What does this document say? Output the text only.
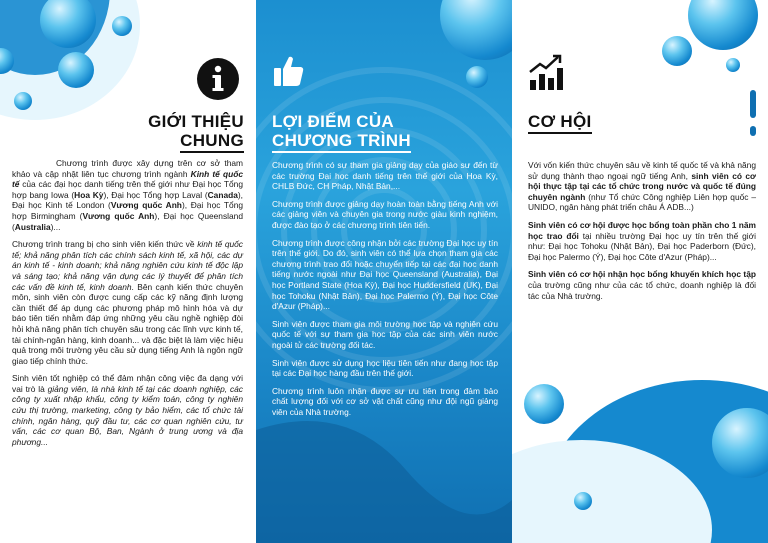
GIỚI THIỆU
CHUNG

Chương trình được xây dựng trên cơ sở tham khảo và cập nhật liên tục chương trình ngành Kinh tế quốc tế của các đại học danh tiếng trên thế giới như Đại học Tổng hợp bang Iowa (Hoa Kỳ), Đại học Tổng hợp Laval (Canada), Đại học Kinh tế London (Vương quốc Anh), Đại học Tổng hợp Birmingham (Vương quốc Anh), Đại học Queensland (Australia)...

Chương trình trang bị cho sinh viên kiến thức về kinh tế quốc tế; khả năng phân tích các chính sách kinh tế, xã hội, các dự án kinh tế - kinh doanh; khả năng nghiên cứu kinh tế độc lập và sáng tạo; khả năng vận dụng các lý thuyết để phân tích các vấn đề kinh tế, kinh doanh. Bên cạnh kiến thức chuyên môn, sinh viên còn được cung cấp các kỹ năng định lượng cần thiết để áp dụng các phương pháp mô hình hóa và dự báo tiên tiến nhằm đáp ứng những yêu cầu nghề nghiệp đòi hỏi khả năng phân tích chuyên sâu trong các lĩnh vực kinh tế, tài chính-ngân hàng, kinh doanh... và đặc biệt là làm việc hiệu quả trong môi trường yêu cầu sử dụng tiếng Anh là ngôn ngữ giao tiếp chính thức.

Sinh viên tốt nghiệp có thể đảm nhận công việc đa dạng với vai trò là giảng viên, là nhà kinh tế tại các doanh nghiệp, các công ty xuất nhập khẩu, công ty kiểm toán, công ty nghiên cứu thị trường, marketing, công ty bảo hiểm, các tổ chức tài chính, ngân hàng, quỹ đầu tư, các cơ quan nghiên cứu, tư vấn, các cơ quan Bộ, Ban, Ngành ở trung ương và địa phương...

LỢI ĐIỂM CỦA
CHƯƠNG TRÌNH

Chương trình có sự tham gia giảng dạy của giáo sư đến từ các trường Đại học danh tiếng trên thế giới của Hoa Kỳ, CHLB Đức, CH Pháp, Nhật Bản,...

Chương trình được giảng dạy hoàn toàn bằng tiếng Anh với các giảng viên và chuyên gia trong nước giàu kinh nghiệm, được đào tạo ở các chương trình tiên tiến.

Chương trình được công nhận bởi các trường Đại học uy tín trên thế giới. Do đó, sinh viên có thể lựa chọn tham gia các chương trình trao đổi hoặc chuyển tiếp tại các đại học danh tiếng nước ngoài như Đại học Queensland (Australia), Đại học Portland State (Hoa Kỳ), Đại học Huddersfield (UK), Đại học Tohoku (Nhật Bản), Đại học Palermo (Ý), Đại học Côte d'Azur (Pháp)...

Sinh viên được tham gia môi trường học tập và nghiên cứu quốc tế với sự tham gia học tập của các sinh viên nước ngoài tử các trường đối tác.

Sinh viên được sử dụng học liệu tiên tiến như đang học tập tại các Đại học hàng đầu trên thế giới.

Chương trình luôn nhận được sự ưu tiên trong đảm bảo chất lượng đối với cơ sở vật chất cũng như đội ngũ giảng viên của Nhà trường.

CƠ HỘI

Với vốn kiến thức chuyên sâu về kinh tế quốc tế và khả năng sử dụng thành thạo ngoại ngữ tiếng Anh, sinh viên có cơ hội thực tập tại các tổ chức trong nước và quốc tế đúng chuyên ngành (như Tổ chức Công nghiệp Liên hợp quốc – UNIDO, ngân hàng phát triển châu Á ADB...)

Sinh viên có cơ hội được học bổng toàn phần cho 1 năm học trao đổi tại nhiều trường Đại học uy tín trên thế giới như: Đại học Tohoku (Nhật Bản), Đại học Paderborn (Đức), Đại học Palermo (Ý), Đại học Côte d'Azur (Pháp)...

Sinh viên có cơ hội nhận học bổng khuyến khích học tập của trường cũng như của các tổ chức, doanh nghiệp là đối tác của Nhà trường.
